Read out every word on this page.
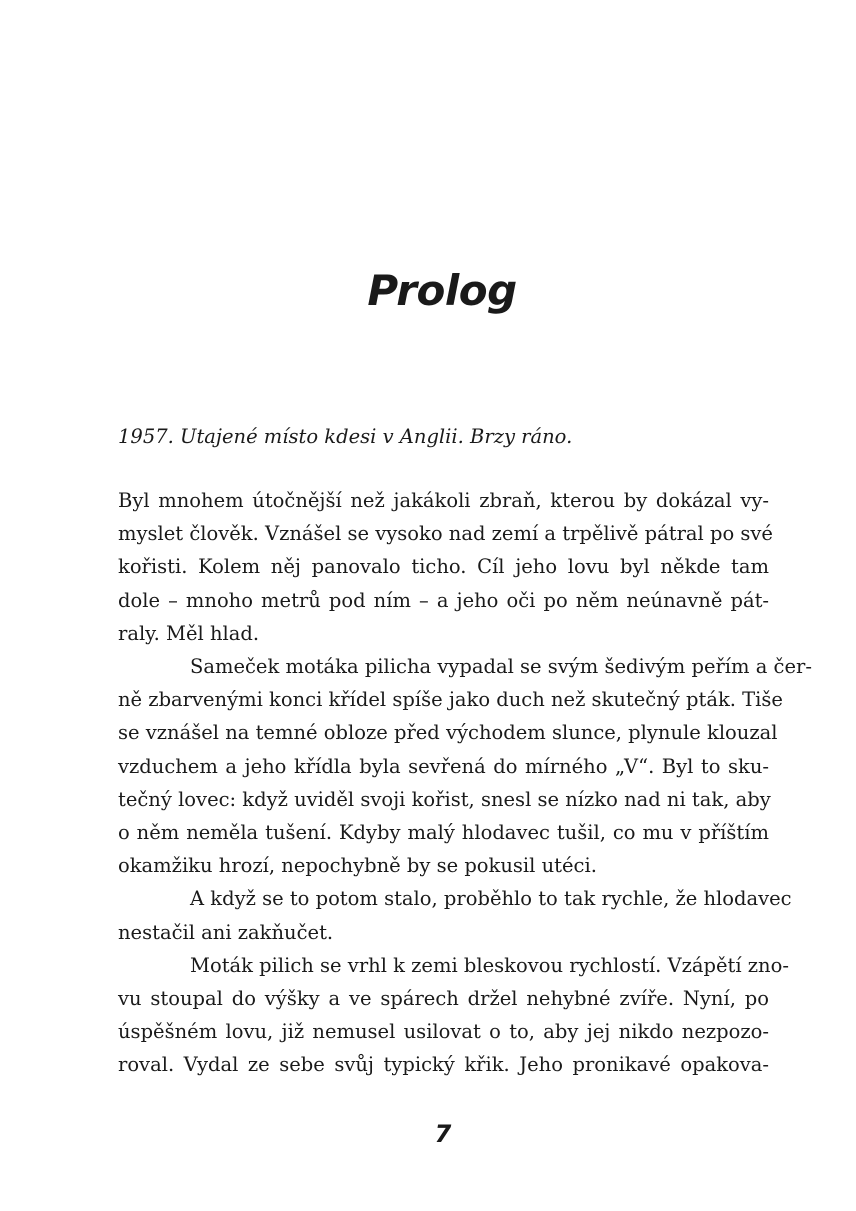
Prolog

1957. Utajené místo kdesi v Anglii. Brzy ráno.

Byl mnohem útočnější než jakákoli zbraň, kterou by dokázal vy-
myslet člověk. Vznášel se vysoko nad zemí a trpělivě pátral po své
kořisti. Kolem něj panovalo ticho. Cíl jeho lovu byl někde tam
dole – mnoho metrů pod ním – a jeho oči po něm neúnavně pát-
raly. Měl hlad.

Sameček motáka pilicha vypadal se svým šedivým peřím a čer-
ně zbarvenými konci křídel spíše jako duch než skutečný pták. Tiše
se vznášel na temné obloze před východem slunce, plynule klouzal
vzduchem a jeho křídla byla sevřená do mírného „V“. Byl to sku-
tečný lovec: když uviděl svoji kořist, snesl se nízko nad ni tak, aby
o něm neměla tušení. Kdyby malý hlodavec tušil, co mu v příštím
okamžiku hrozí, nepochybně by se pokusil utéci.

A když se to potom stalo, proběhlo to tak rychle, že hlodavec
nestačil ani zakňučet.

Moták pilich se vrhl k zemi bleskovou rychlostí. Vzápětí zno-
vu stoupal do výšky a ve spárech držel nehybné zvíře. Nyní, po
úspěšném lovu, již nemusel usilovat o to, aby jej nikdo nezpozo-
roval. Vydal ze sebe svůj typický křik. Jeho pronikavé opakova-

7
